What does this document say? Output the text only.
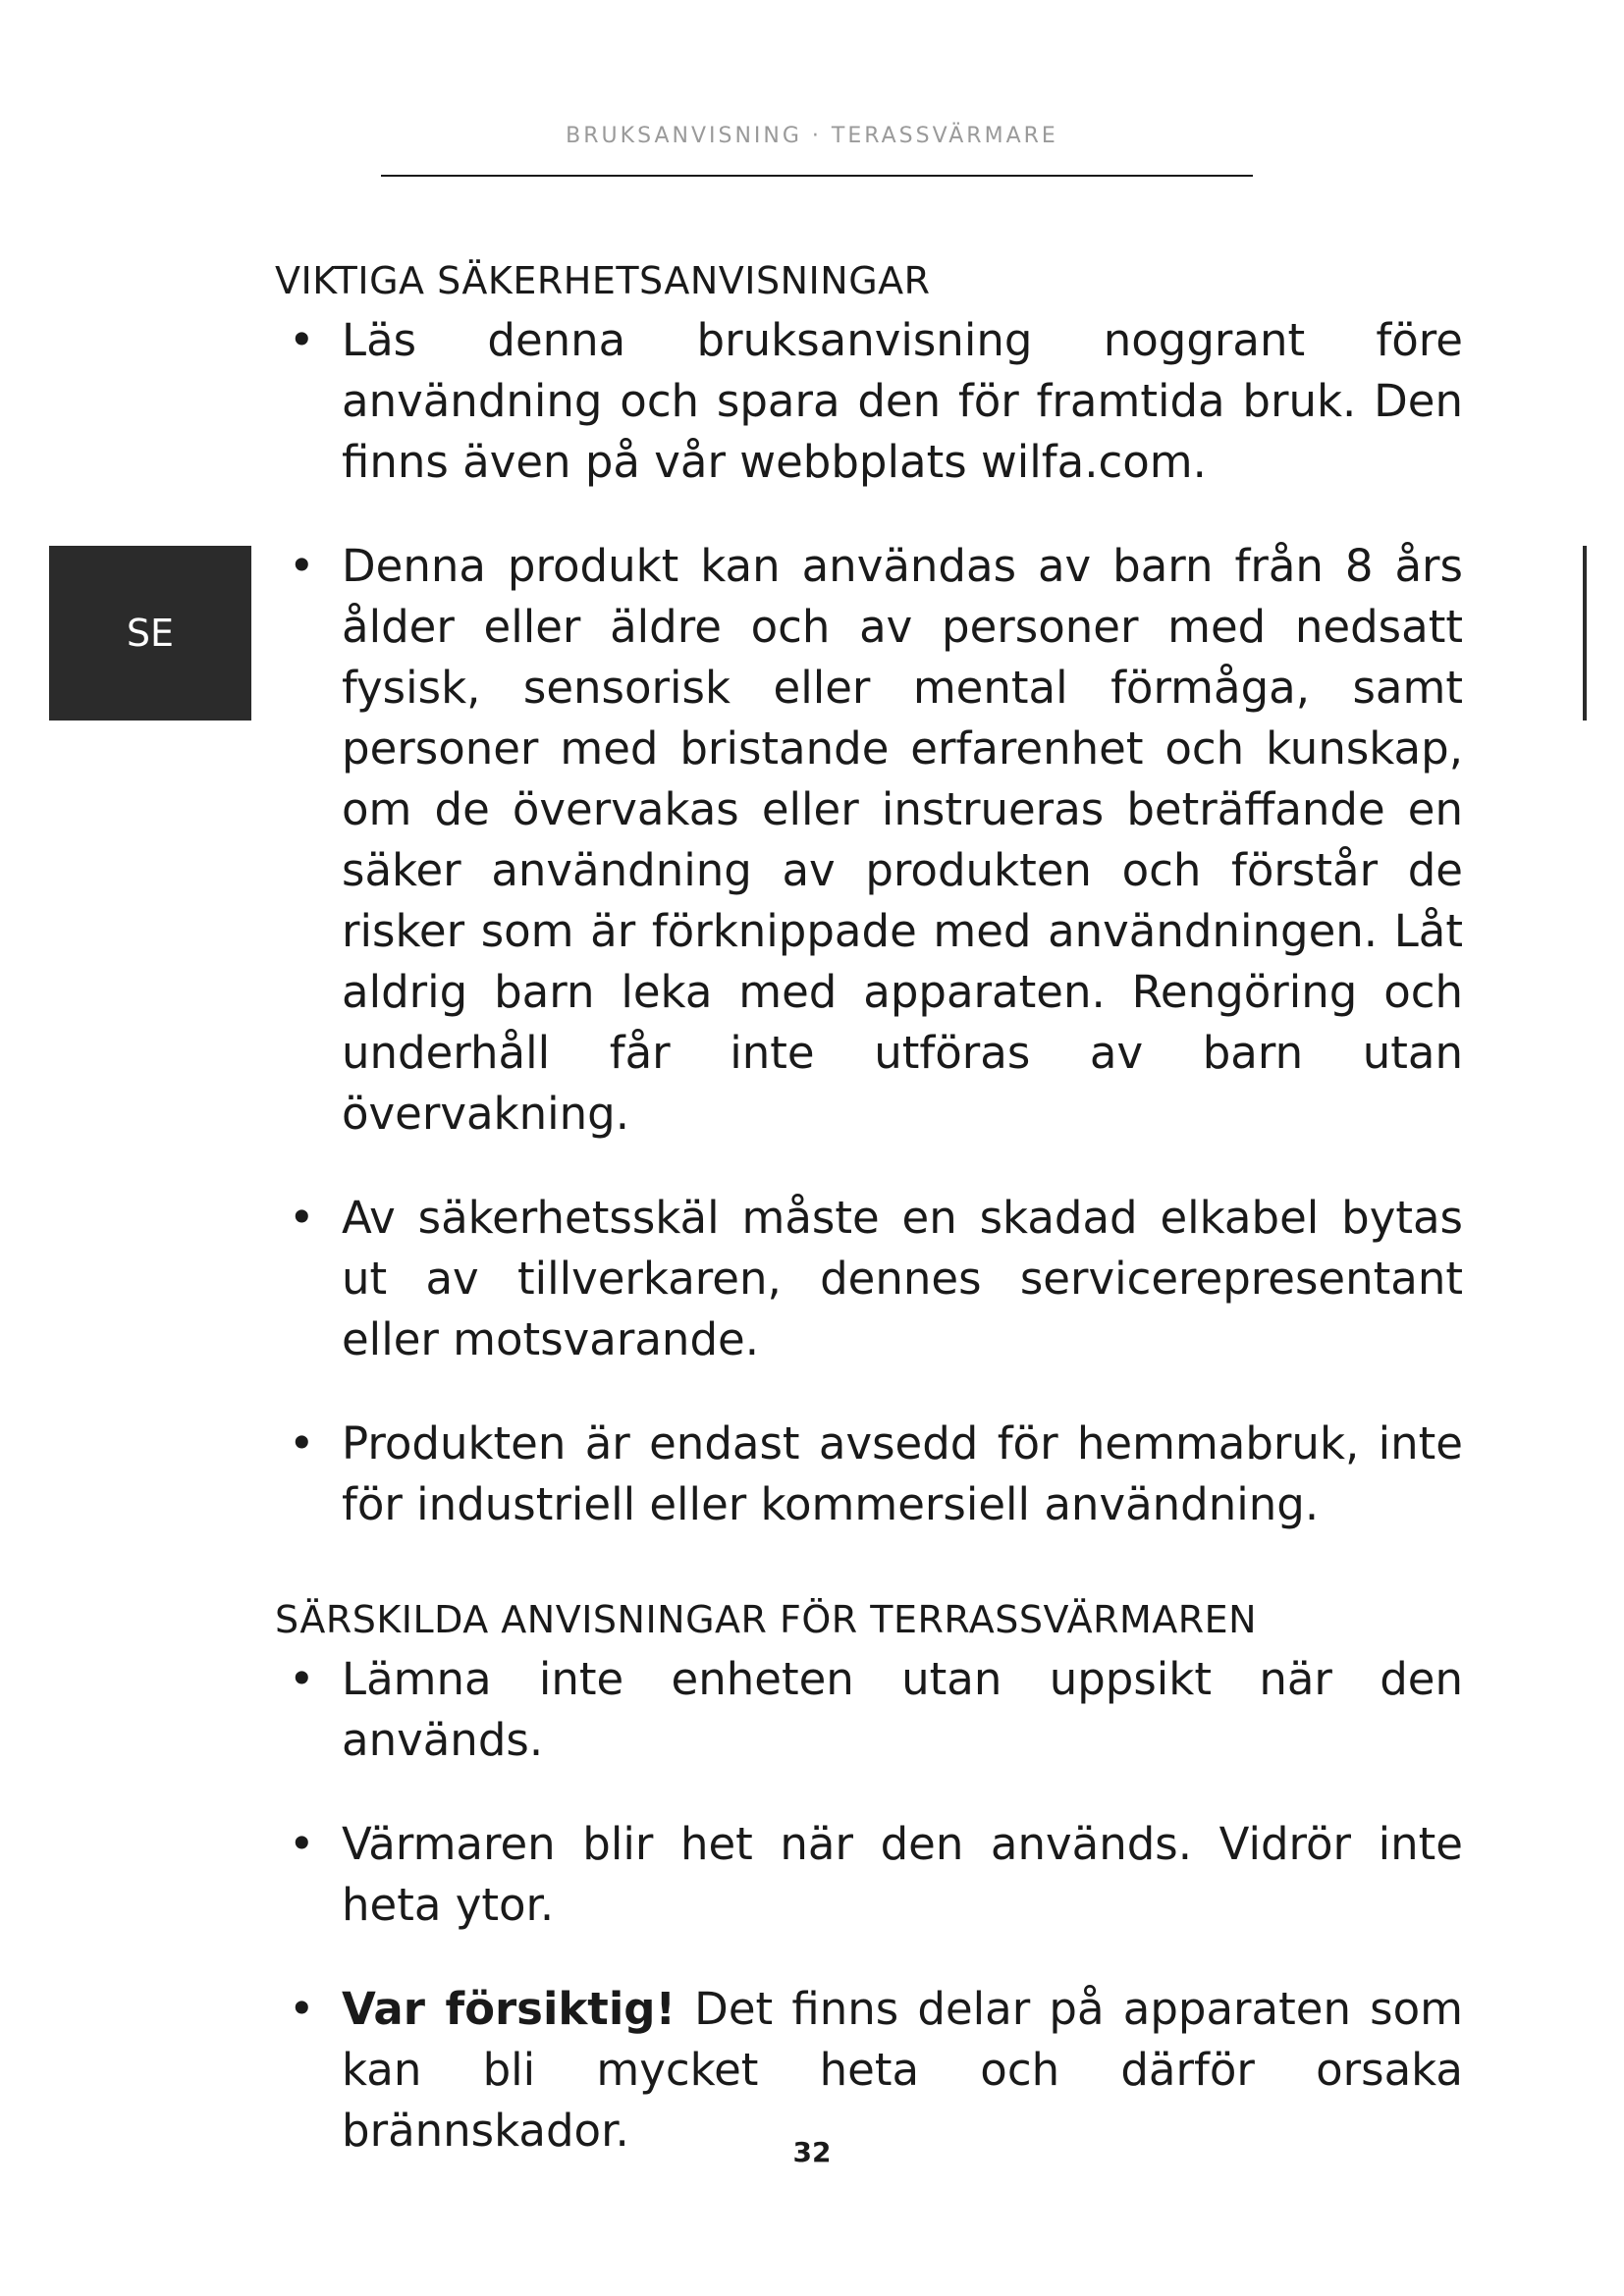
BRUKSANVISNING · TERASSVÄRMARE
SE
VIKTIGA SÄKERHETSANVISNINGAR
• Läs denna bruksanvisning noggrant före användning och spara den för framtida bruk. Den finns även på vår webbplats wilfa.com.
• Denna produkt kan användas av barn från 8 års ålder eller äldre och av personer med nedsatt fysisk, sensorisk eller mental förmåga, samt personer med bristande erfarenhet och kunskap, om de övervakas eller instrueras beträffande en säker användning av produkten och förstår de risker som är förknippade med användningen. Låt aldrig barn leka med apparaten. Rengöring och underhåll får inte utföras av barn utan övervakning.
• Av säkerhetsskäl måste en skadad elkabel bytas ut av tillverkaren, dennes servicerepresentant eller motsvarande.
• Produkten är endast avsedd för hemmabruk, inte för industriell eller kommersiell användning.
SÄRSKILDA ANVISNINGAR FÖR TERRASSVÄRMAREN
• Lämna inte enheten utan uppsikt när den används.
• Värmaren blir het när den används. Vidrör inte heta ytor.
• Var försiktig! Det finns delar på apparaten som kan bli mycket heta och därför orsaka brännskador.	32
